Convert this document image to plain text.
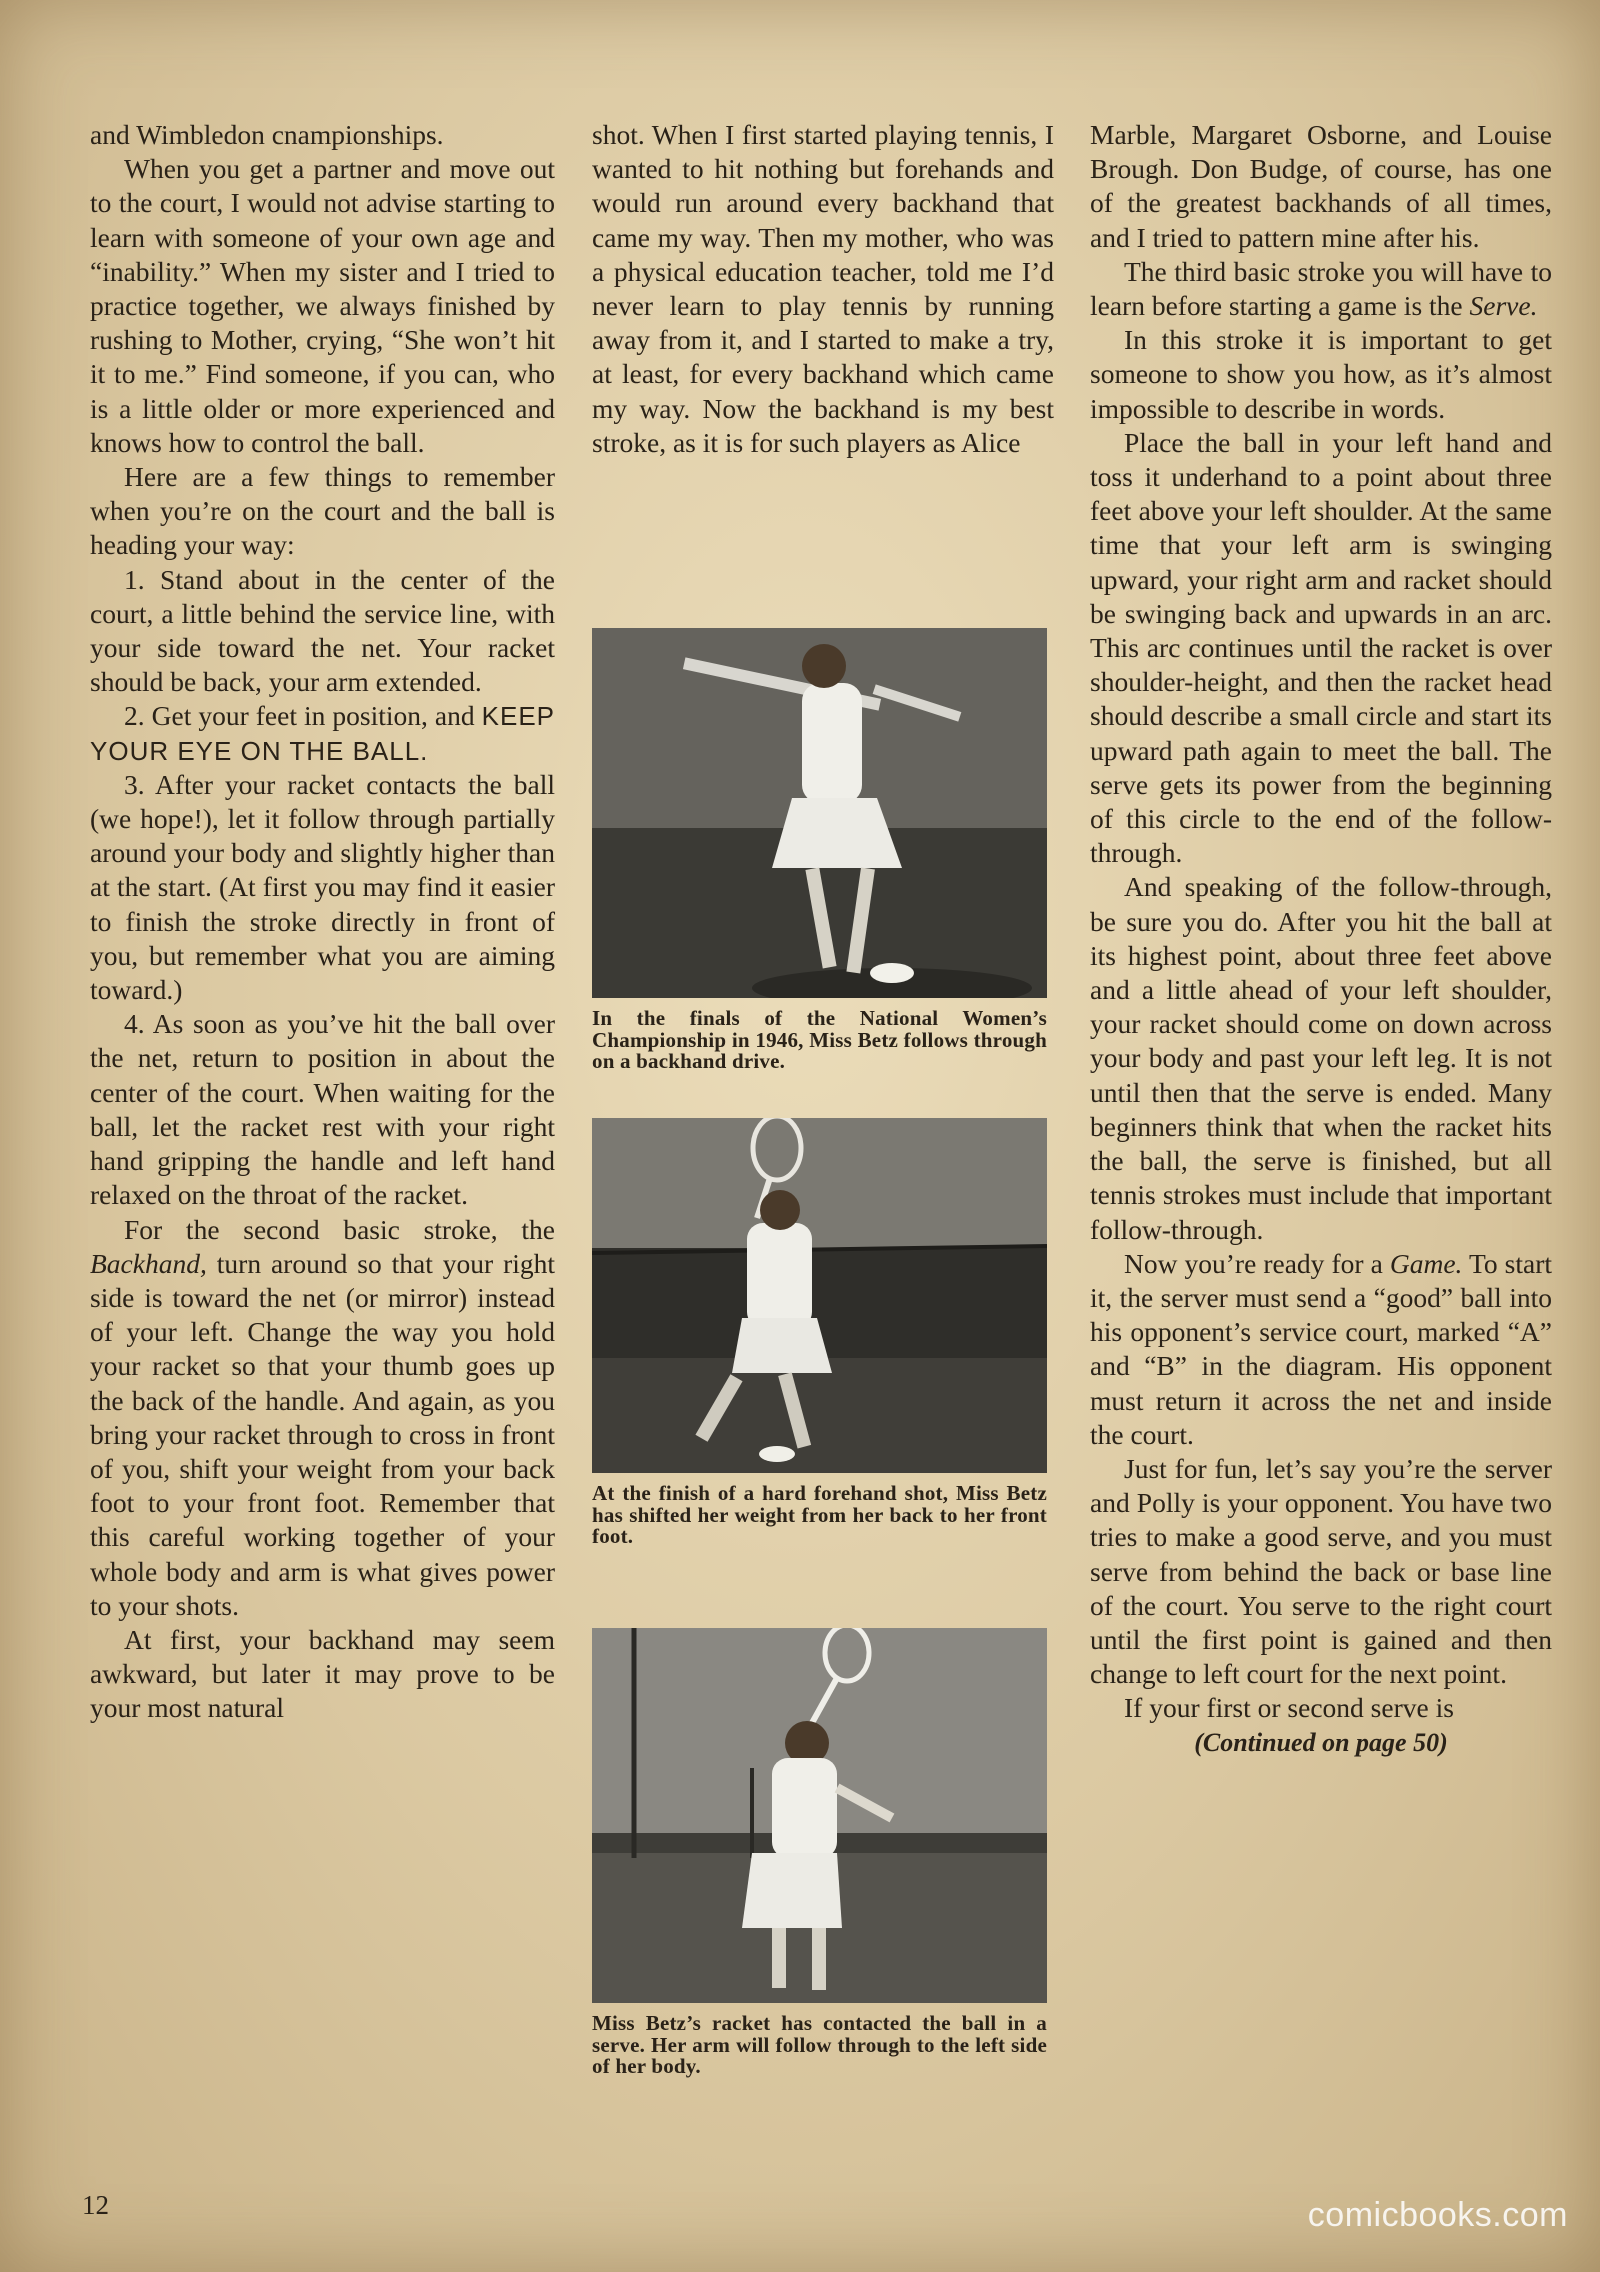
and Wimbledon cnampionships.

When you get a partner and move out to the court, I would not advise starting to learn with someone of your own age and “inability.” When my sister and I tried to practice together, we always finished by rushing to Mother, crying, “She won’t hit it to me.” Find someone, if you can, who is a little older or more experienced and knows how to control the ball.

Here are a few things to remember when you’re on the court and the ball is heading your way:

1. Stand about in the center of the court, a little behind the service line, with your side toward the net. Your racket should be back, your arm extended.

2. Get your feet in position, and KEEP YOUR EYE ON THE BALL.

3. After your racket contacts the ball (we hope!), let it follow through partially around your body and slightly higher than at the start. (At first you may find it easier to finish the stroke directly in front of you, but remember what you are aiming toward.)

4. As soon as you’ve hit the ball over the net, return to position in about the center of the court. When waiting for the ball, let the racket rest with your right hand gripping the handle and left hand relaxed on the throat of the racket.

For the second basic stroke, the Backhand, turn around so that your right side is toward the net (or mirror) instead of your left. Change the way you hold your racket so that your thumb goes up the back of the handle. And again, as you bring your racket through to cross in front of you, shift your weight from your back foot to your front foot. Remember that this careful working together of your whole body and arm is what gives power to your shots.

At first, your backhand may seem awkward, but later it may prove to be your most natural

shot. When I first started playing tennis, I wanted to hit nothing but forehands and would run around every backhand that came my way. Then my mother, who was a physical education teacher, told me I’d never learn to play tennis by running away from it, and I started to make a try, at least, for every backhand which came my way. Now the backhand is my best stroke, as it is for such players as Alice

In the finals of the National Women’s Championship in 1946, Miss Betz follows through on a backhand drive.
At the finish of a hard forehand shot, Miss Betz has shifted her weight from her back to her front foot.
Miss Betz’s racket has contacted the ball in a serve. Her arm will follow through to the left side of her body.

Marble, Margaret Osborne, and Louise Brough. Don Budge, of course, has one of the greatest backhands of all times, and I tried to pattern mine after his.

The third basic stroke you will have to learn before starting a game is the Serve.

In this stroke it is important to get someone to show you how, as it’s almost impossible to describe in words.

Place the ball in your left hand and toss it underhand to a point about three feet above your left shoulder. At the same time that your left arm is swinging upward, your right arm and racket should be swinging back and upwards in an arc. This arc continues until the racket is over shoulder-height, and then the racket head should describe a small circle and start its upward path again to meet the ball. The serve gets its power from the beginning of this circle to the end of the follow-through.

And speaking of the follow-through, be sure you do. After you hit the ball at its highest point, about three feet above and a little ahead of your left shoulder, your racket should come on down across your body and past your left leg. It is not until then that the serve is ended. Many beginners think that when the racket hits the ball, the serve is finished, but all tennis strokes must include that important follow-through.

Now you’re ready for a Game. To start it, the server must send a “good” ball into his opponent’s service court, marked “A” and “B” in the diagram. His opponent must return it across the net and inside the court.

Just for fun, let’s say you’re the server and Polly is your opponent. You have two tries to make a good serve, and you must serve from behind the back or base line of the court. You serve to the right court until the first point is gained and then change to left court for the next point.

If your first or second serve is

(Continued on page 50)

12	comicbooks.com
